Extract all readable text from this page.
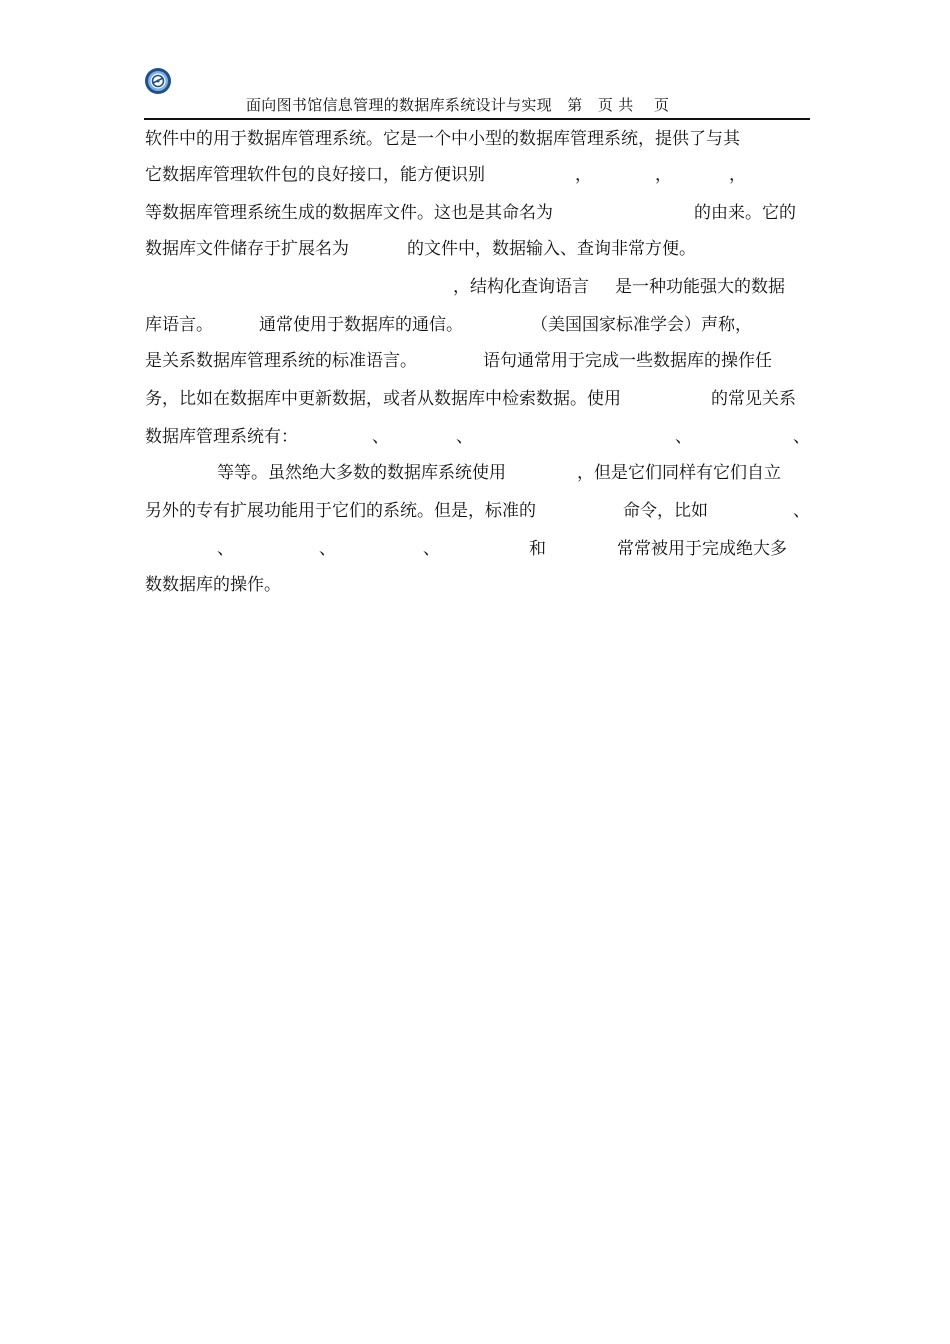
面向图书馆信息管理的数据库系统设计与实现　第　页 共　 页
软件中的用于数据库管理系统。它是一个中小型的数据库管理系统，提供了与其
它数据库管理软件包的良好接口，能方便识别	，	，	，
等数据库管理系统生成的数据库文件。这也是其命名为	的由来。它的
数据库文件储存于扩展名为	的文件中，数据输入、查询非常方便。
，结构化查询语言 是一种功能强大的数据
库语言。	通常使用于数据库的通信。	（美国国家标准学会）声称，
是关系数据库管理系统的标准语言。	语句通常用于完成一些数据库的操作任
务，比如在数据库中更新数据，或者从数据库中检索数据。使用	的常见关系
数据库管理系统有：	、	、	、	、
等等。虽然绝大多数的数据库系统使用	，但是它们同样有它们自立
另外的专有扩展功能用于它们的系统。但是，标准的	命令，比如	、
、	、	、	和	常常被用于完成绝大多
数数据库的操作。
